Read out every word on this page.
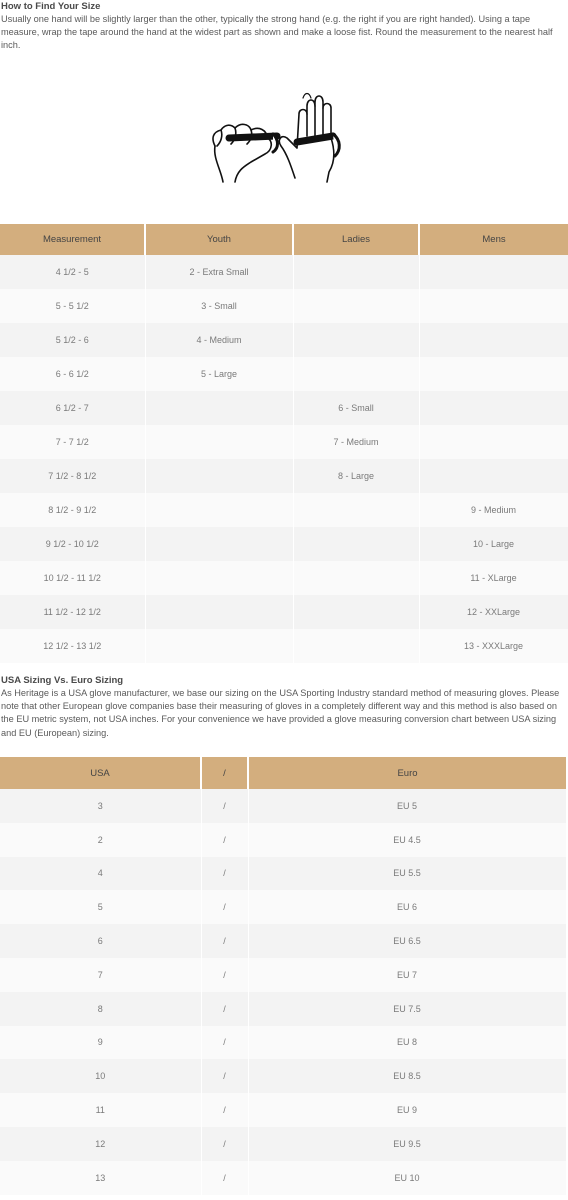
How to Find Your Size

Usually one hand will be slightly larger than the other, typically the strong hand (e.g. the right if you are right handed). Using a tape measure, wrap the tape around the hand at the widest part as shown and make a loose fist. Round the measurement to the nearest half inch.

Measurement	Youth	Ladies	Mens
4 1/2 - 5	2 - Extra Small		
5 - 5 1/2	3 - Small		
5 1/2 - 6	4 - Medium		
6 - 6 1/2	5 - Large		
6 1/2 - 7		6 - Small	
7 - 7 1/2		7 - Medium	
7 1/2 - 8 1/2		8 - Large	
8 1/2 - 9 1/2			9 - Medium
9 1/2 - 10 1/2			10 - Large
10 1/2 - 11 1/2			11 - XLarge
11 1/2 - 12 1/2			12 - XXLarge
12 1/2 - 13 1/2			13 - XXXLarge
USA Sizing Vs. Euro Sizing

As Heritage is a USA glove manufacturer, we base our sizing on the USA Sporting Industry standard method of measuring gloves. Please note that other European glove companies base their measuring of gloves in a completely different way and this method is also based on the EU metric system, not USA inches. For your convenience we have provided a glove measuring conversion chart between USA sizing and EU (European) sizing.

USA	/	Euro
3	/	EU 5
2	/	EU 4.5
4	/	EU 5.5
5	/	EU 6
6	/	EU 6.5
7	/	EU 7
8	/	EU 7.5
9	/	EU 8
10	/	EU 8.5
11	/	EU 9
12	/	EU 9.5
13	/	EU 10
